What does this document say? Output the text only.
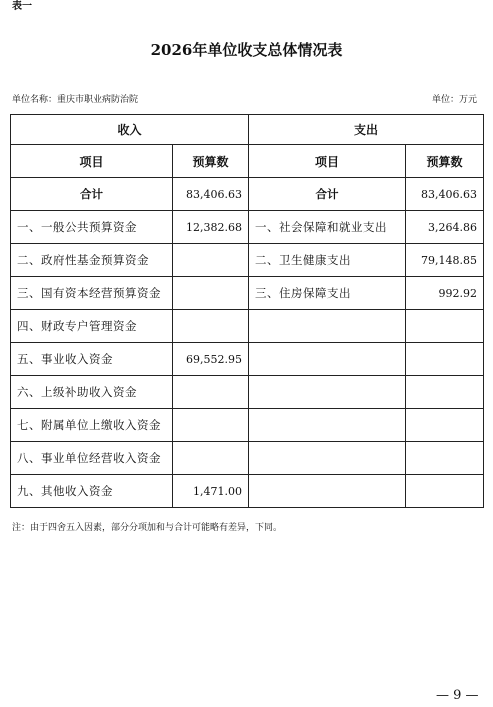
表一
2026年单位收支总体情况表
单位名称：重庆市职业病防治院	单位：万元
收入		支出	
项目	预算数	项目	预算数
合计	83,406.63	合计	83,406.63
一、一般公共预算资金	12,382.68	一、社会保障和就业支出	3,264.86
二、政府性基金预算资金		二、卫生健康支出	79,148.85
三、国有资本经营预算资金		三、住房保障支出	992.92
四、财政专户管理资金			
五、事业收入资金	69,552.95		
六、上级补助收入资金			
七、附属单位上缴收入资金			
八、事业单位经营收入资金			
九、其他收入资金	1,471.00		
注：由于四舍五入因素，部分分项加和与合计可能略有差异，下同。
— 9 —
